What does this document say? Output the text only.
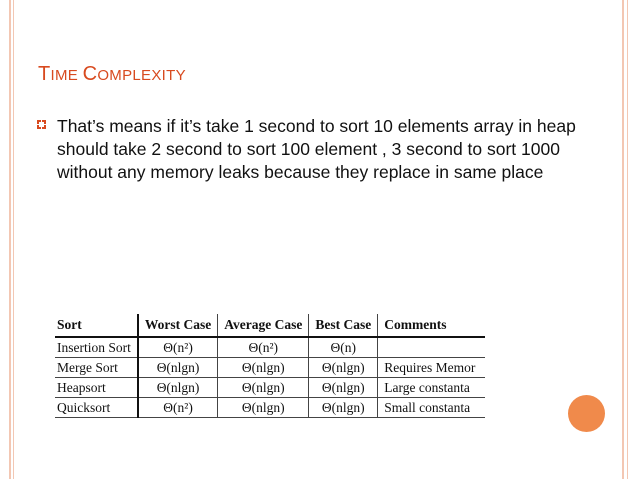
TIME COMPLEXITY
That’s means if it’s take 1 second to sort 10 elements array in heap should take 2 second to sort 100 element , 3 second to sort 1000 without any memory leaks because they replace in same place
Sort	Worst Case	Average Case	Best Case	Comments
Insertion Sort	Θ(n²)	Θ(n²)	Θ(n)	
Merge Sort	Θ(nlgn)	Θ(nlgn)	Θ(nlgn)	Requires Memor
Heapsort	Θ(nlgn)	Θ(nlgn)	Θ(nlgn)	Large constanta
Quicksort	Θ(n²)	Θ(nlgn)	Θ(nlgn)	Small constanta
